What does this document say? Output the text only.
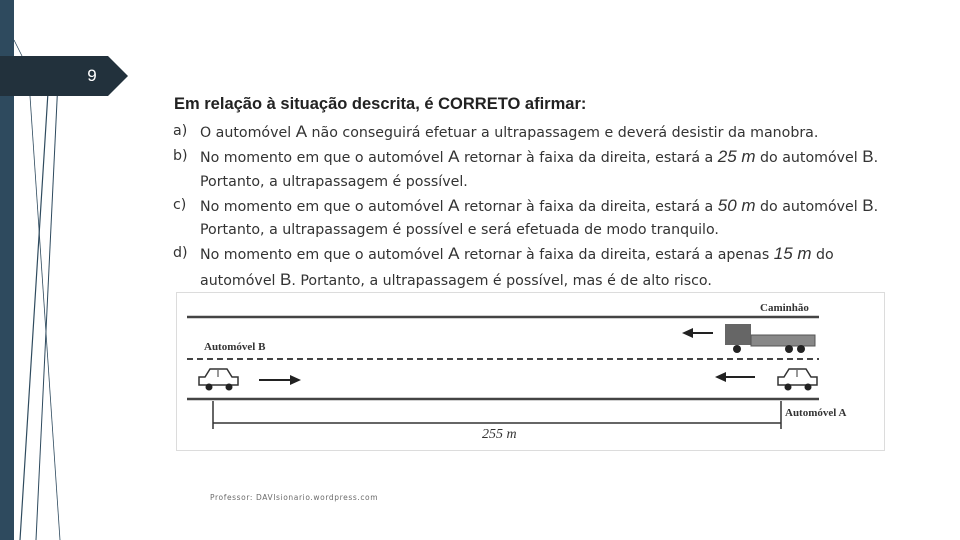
9
Em relação à situação descrita, é CORRETO afirmar:
a) O automóvel A não conseguirá efetuar a ultrapassagem e deverá desistir da manobra.
b) No momento em que o automóvel A retornar à faixa da direita, estará a 25 m do automóvel B.
Portanto, a ultrapassagem é possível.
c) No momento em que o automóvel A retornar à faixa da direita, estará a 50 m do automóvel B.
Portanto, a ultrapassagem é possível e será efetuada de modo tranquilo.
d) No momento em que o automóvel A retornar à faixa da direita, estará a apenas 15 m do
automóvel B. Portanto, a ultrapassagem é possível, mas é de alto risco.
Caminhão
Automóvel B
Automóvel A
255 m
Professor: DAVIsionario.wordpress.com
